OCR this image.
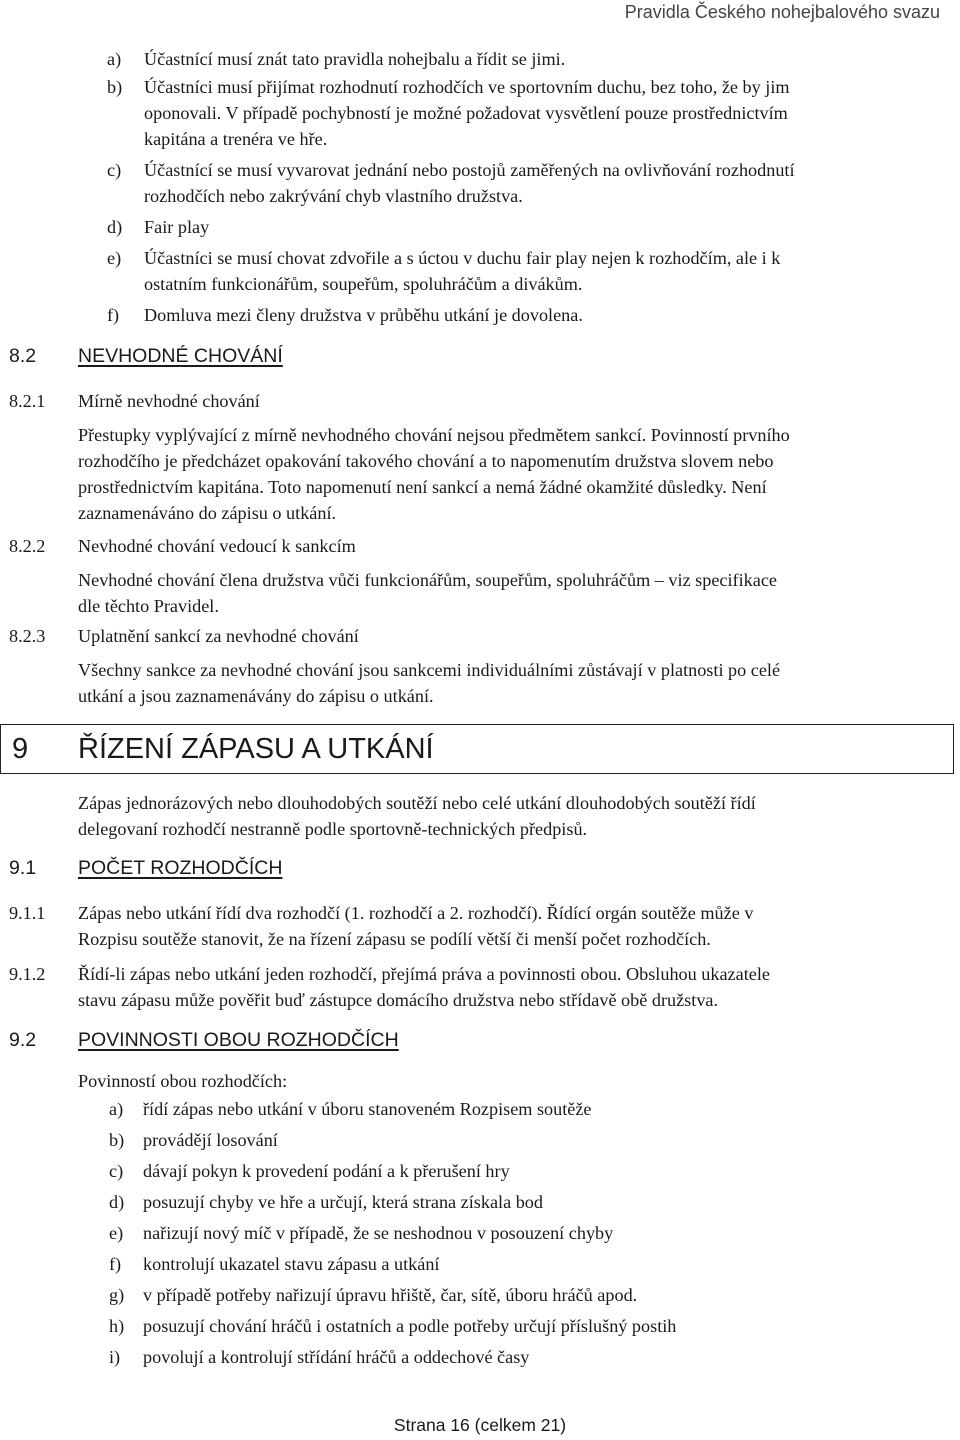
Pravidla Českého nohejbalového svazu
a) Účastnící musí znát tato pravidla nohejbalu a řídit se jimi.
b) Účastníci musí přijímat rozhodnutí rozhodčích ve sportovním duchu, bez toho, že by jim
oponovali. V případě pochybností je možné požadovat vysvětlení pouze prostřednictvím
kapitána a trenéra ve hře.
c) Účastnící se musí vyvarovat jednání nebo postojů zaměřených na ovlivňování rozhodnutí
rozhodčích nebo zakrývání chyb vlastního družstva.
d) Fair play
e) Účastníci se musí chovat zdvořile a s úctou v duchu fair play nejen k rozhodčím, ale i k
ostatním funkcionářům, soupeřům, spoluhráčům a divákům.
f) Domluva mezi členy družstva v průběhu utkání je dovolena.
8.2 NEVHODNÉ CHOVÁNÍ
8.2.1 Mírně nevhodné chování
Přestupky vyplývající z mírně nevhodného chování nejsou předmětem sankcí. Povinností prvního
rozhodčího je předcházet opakování takového chování a to napomenutím družstva slovem nebo
prostřednictvím kapitána. Toto napomenutí není sankcí a nemá žádné okamžité důsledky. Není
zaznamenáváno do zápisu o utkání.
8.2.2 Nevhodné chování vedoucí k sankcím
Nevhodné chování člena družstva vůči funkcionářům, soupeřům, spoluhráčům – viz specifikace
dle těchto Pravidel.
8.2.3 Uplatnění sankcí za nevhodné chování
Všechny sankce za nevhodné chování jsou sankcemi individuálními zůstávají v platnosti po celé
utkání a jsou zaznamenávány do zápisu o utkání.
9 ŘÍZENÍ ZÁPASU A UTKÁNÍ
Zápas jednorázových nebo dlouhodobých soutěží nebo celé utkání dlouhodobých soutěží řídí
delegovaní rozhodčí nestranně podle sportovně-technických předpisů.
9.1 POČET ROZHODČÍCH
9.1.1 Zápas nebo utkání řídí dva rozhodčí (1. rozhodčí a 2. rozhodčí). Řídící orgán soutěže může v
Rozpisu soutěže stanovit, že na řízení zápasu se podílí větší či menší počet rozhodčích.
9.1.2 Řídí-li zápas nebo utkání jeden rozhodčí, přejímá práva a povinnosti obou. Obsluhou ukazatele
stavu zápasu může pověřit buď zástupce domácího družstva nebo střídavě obě družstva.
9.2 POVINNOSTI OBOU ROZHODČÍCH
Povinností obou rozhodčích:
a) řídí zápas nebo utkání v úboru stanoveném Rozpisem soutěže
b) provádějí losování
c) dávají pokyn k provedení podání a k přerušení hry
d) posuzují chyby ve hře a určují, která strana získala bod
e) nařizují nový míč v případě, že se neshodnou v posouzení chyby
f) kontrolují ukazatel stavu zápasu a utkání
g) v případě potřeby nařizují úpravu hřiště, čar, sítě, úboru hráčů apod.
h) posuzují chování hráčů i ostatních a podle potřeby určují příslušný postih
i) povolují a kontrolují střídání hráčů a oddechové časy
Strana 16 (celkem 21)
